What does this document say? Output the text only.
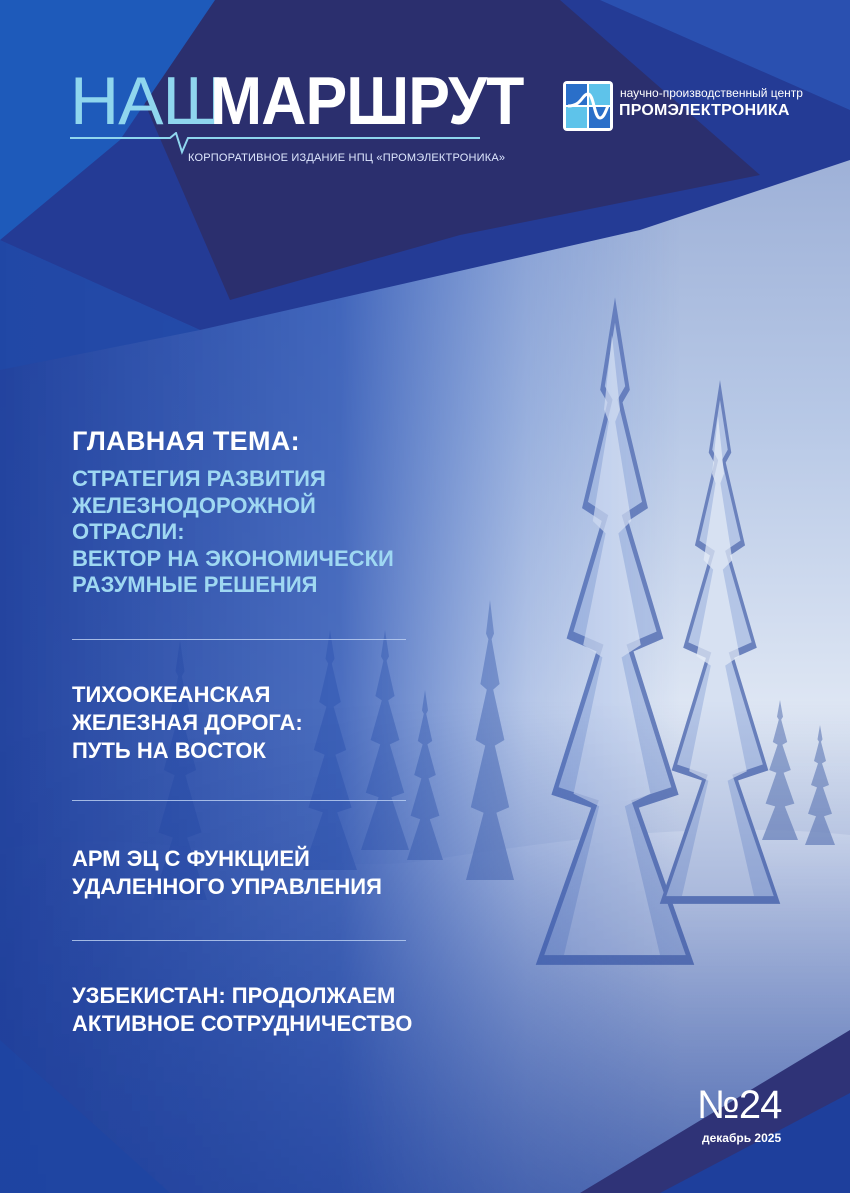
НАШ
МАРШРУТ
КОРПОРАТИВНОЕ ИЗДАНИЕ НПЦ «ПРОМЭЛЕКТРОНИКА»
научно-производственный центр
ПРОМЭЛЕКТРОНИКА
ГЛАВНАЯ ТЕМА:
СТРАТЕГИЯ РАЗВИТИЯ
ЖЕЛЕЗНОДОРОЖНОЙ
ОТРАСЛИ:
ВЕКТОР НА ЭКОНОМИЧЕСКИ
РАЗУМНЫЕ РЕШЕНИЯ
ТИХООКЕАНСКАЯ
ЖЕЛЕЗНАЯ ДОРОГА:
ПУТЬ НА ВОСТОК
АРМ ЭЦ С ФУНКЦИЕЙ
УДАЛЕННОГО УПРАВЛЕНИЯ
УЗБЕКИСТАН: ПРОДОЛЖАЕМ
АКТИВНОЕ СОТРУДНИЧЕСТВО
№24
декабрь 2025
